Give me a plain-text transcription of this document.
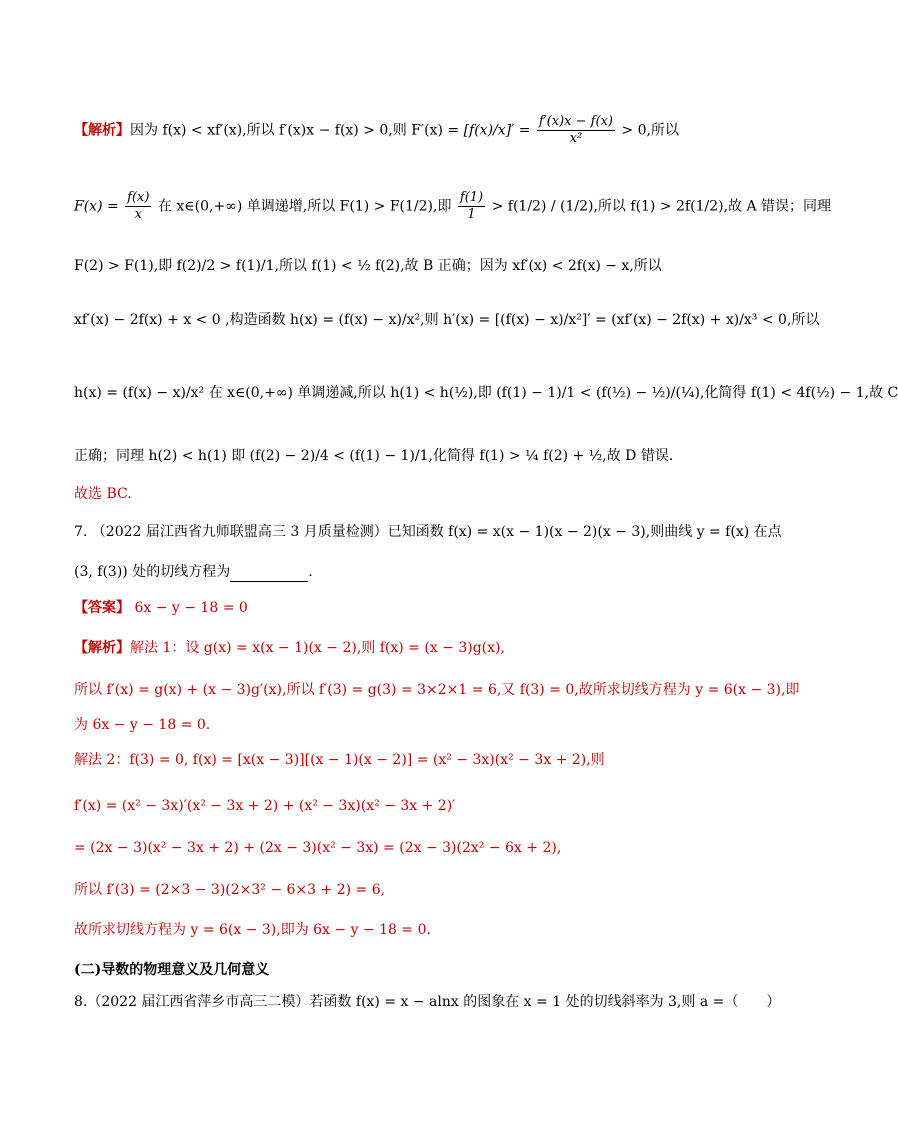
【解析】因为 f(x) < xf′(x),所以 f′(x)x − f(x) > 0,则 $F'(x) = [f(x)/x]' = \frac{f'(x)x - f(x)}{\text{x²}} > 0$,所以
$F(x) = \frac{f(x)}{x}$ 在 x∈(0,+∞) 单调递增,所以 F(1) > F(1/2),即 $\frac{f(1)}{1} > f(1/2) / (1/2)$,所以 f(1) > 2f(1/2),故 A 错误；同理
F(2) > F(1),即 f(2)/2 > f(1)/1,所以 f(1) < ½ f(2),故 B 正确；因为 xf′(x) < 2f(x) − x,所以
xf′(x) − 2f(x) + x < 0 ,构造函数 h(x) = (f(x) − x)/x²,则 h′(x) = [(f(x) − x)/x²]′ = (xf′(x) − 2f(x) + x)/x³ < 0,所以
h(x) = (f(x) − x)/x² 在 x∈(0,+∞) 单调递减,所以 h(1) < h(½),即 (f(1) − 1)/1 < (f(½) − ½)/(¼),化简得 f(1) < 4f(½) − 1,故 C
正确；同理 h(2) < h(1) 即 (f(2) − 2)/4 < (f(1) − 1)/1,化简得 f(1) > ¼ f(2) + ½,故 D 错误.
故选 BC.
7. （2022 届江西省九师联盟高三 3 月质量检测）已知函数 f(x) = x(x − 1)(x − 2)(x − 3),则曲线 y = f(x) 在点
(3, f(3)) 处的切线方程为	.
【答案】 6x − y − 18 = 0
【解析】解法 1：设 g(x) = x(x − 1)(x − 2),则 f(x) = (x − 3)g(x),
所以 f′(x) = g(x) + (x − 3)g′(x),所以 f′(3) = g(3) = 3×2×1 = 6,又 f(3) = 0,故所求切线方程为 y = 6(x − 3),即
为 6x − y − 18 = 0.
解法 2：f(3) = 0, f(x) = [x(x − 3)][(x − 1)(x − 2)] = (x² − 3x)(x² − 3x + 2),则
f′(x) = (x² − 3x)′(x² − 3x + 2) + (x² − 3x)(x² − 3x + 2)′
= (2x − 3)(x² − 3x + 2) + (2x − 3)(x² − 3x) = (2x − 3)(2x² − 6x + 2),
所以 f′(3) = (2×3 − 3)(2×3² − 6×3 + 2) = 6,
故所求切线方程为 y = 6(x − 3),即为 6x − y − 18 = 0.
(二)导数的物理意义及几何意义
8.（2022 届江西省萍乡市高三二模）若函数 f(x) = x − alnx 的图象在 x = 1 处的切线斜率为 3,则 a =（　　）
